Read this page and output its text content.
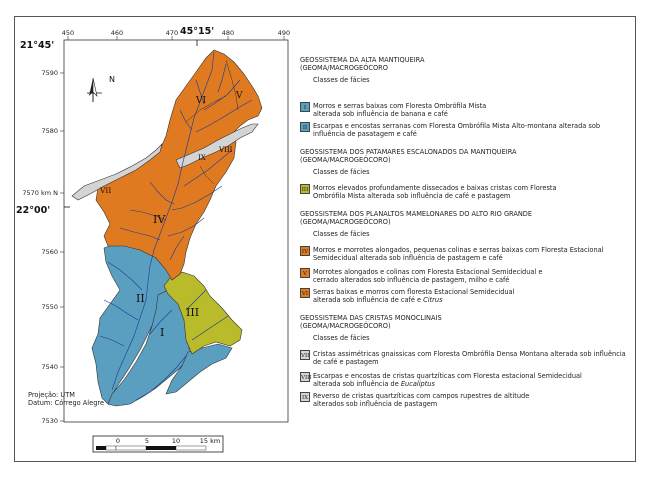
450	460	470	480	490
7590
7580
7570 km N
7560
7550
7540
7530
21°45'
22°00'
45°15'
N
VI	V
VIII
IX
VII
IV
II
III
I
0	5	10	15 km
Projeção: UTM
Datum: Córrego Alegre
GEOSSISTEMA DA ALTA MANTIQUEIRA
(GEOMA/MACROGEÓCORO
Classes de fácies
I	Morros e serras baixas com Floresta Ombrófila Mista
alterada sob influência de banana e café
II Escarpas e encostas serranas com Floresta Ombrófila Mista Alto-montana alterada sob
influência de pasatagem e café
GEOSSISTEMA DOS PATAMARES ESCALONADOS DA MANTIQUEIRA
(GEOMA/MACROGEÓCORO)
Classes de fácies
III Morros elevados profundamente dissecados e baixas cristas com Floresta
Ombrófila Mista alterada sob influência de café e pastagem
GEOSSISTEMA DOS PLANALTOS MAMELONARES DO ALTO RIO GRANDE
(GEOMA/MACROGEÓCORO)
Classes de fácies
IV Morros e morrotes alongados, pequenas colinas e serras baixas com Floresta Estacional
Semidecidual alterada sob influência de pastagem e café
V Morrotes alongados e colinas com Floresta Estacional Semidecidual e
cerrado alterados sob influência de pastagem, milho e café
VI Serras baixas e morros com floresta Estacional Semidecidual
alterada sob influência de café e Citrus
GEOSSISTEMA DAS CRISTAS MONOCLINAIS
(GEOMA/MACROGEÓCORO)
Classes de fácies
VII Cristas assimétricas gnaissicas com Floresta Ombrófila Densa Montana alterada sob influência
de café e pastagem
VIII Escarpas e encostas de cristas quartzíticas com Floresta estacional Semidecidual
alterada sob influência de Eucaliptus
IX Reverso de cristas quartzíticas com campos rupestres de altitude
alterados sob influência de pastagem
